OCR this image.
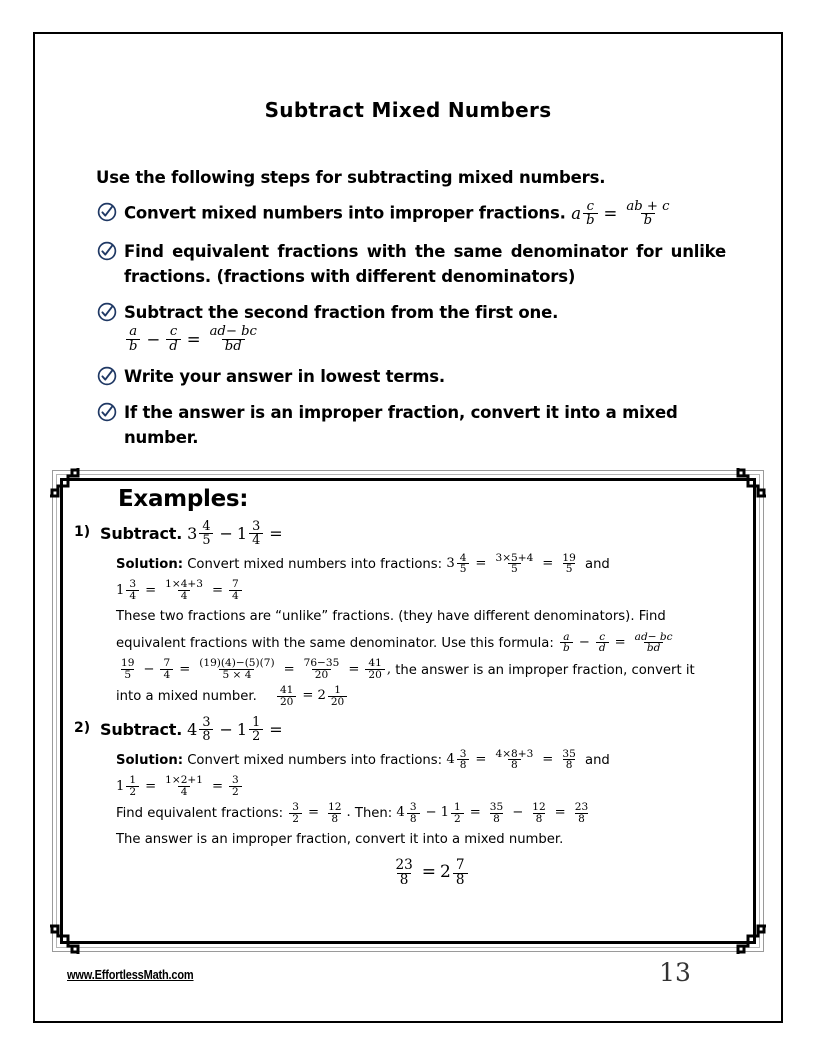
Subtract Mixed Numbers
Use the following steps for subtracting mixed numbers.
Convert mixed numbers into improper fractions. a $\frac{c}{b} = \frac{ab + c}{b}$
Find equivalent fractions with the same denominator for unlike
fractions. (fractions with different denominators)
Subtract the second fraction from the first one.
$\frac{a}{b} - \frac{c}{d} = \frac{ad- bc}{bd}$
Write your answer in lowest terms.
If the answer is an improper fraction, convert it into a mixed number.
Examples:
1) Subtract. $3 \frac{4}{5} - 1 \frac{3}{4}$ =
Solution: Convert mixed numbers into fractions: $3 \frac{4}{5} = \frac{3\times 5+4}{5} = \frac{19}{5}$ and
$1 \frac{3}{4} = \frac{1\times 4+3}{4} = \frac{7}{4}$
These two fractions are “unlike” fractions. (they have different denominators). Find
equivalent fractions with the same denominator. Use this formula: $\frac{a}{b} - \frac{c}{d} = \frac{ad- bc}{bd}$
$\frac{19}{5} - \frac{7}{4} = \frac{(19)(4)-(5)(7)}{5 \times 4} = \frac{76-35}{20} = \frac{41}{20}$ , the answer is an improper fraction, convert it
into a mixed number. $\frac{41}{20} = 2 \frac{1}{20}$
2) Subtract. $4 \frac{3}{8} - 1 \frac{1}{2}$ =
Solution: Convert mixed numbers into fractions: $4 \frac{3}{8} = \frac{4\times 8+3}{8} = \frac{35}{8}$ and
$1 \frac{1}{2} = \frac{1\times 2+1}{4} = \frac{3}{2}$
Find equivalent fractions: $\frac{3}{2} = \frac{12}{8}$ . Then: $4 \frac{3}{8} - 1 \frac{1}{2} = \frac{35}{8} - \frac{12}{8} = \frac{23}{8}$
The answer is an improper fraction, convert it into a mixed number.
$\frac{23}{8} = 2 \frac{7}{8}$
www.EffortlessMath.com	13
